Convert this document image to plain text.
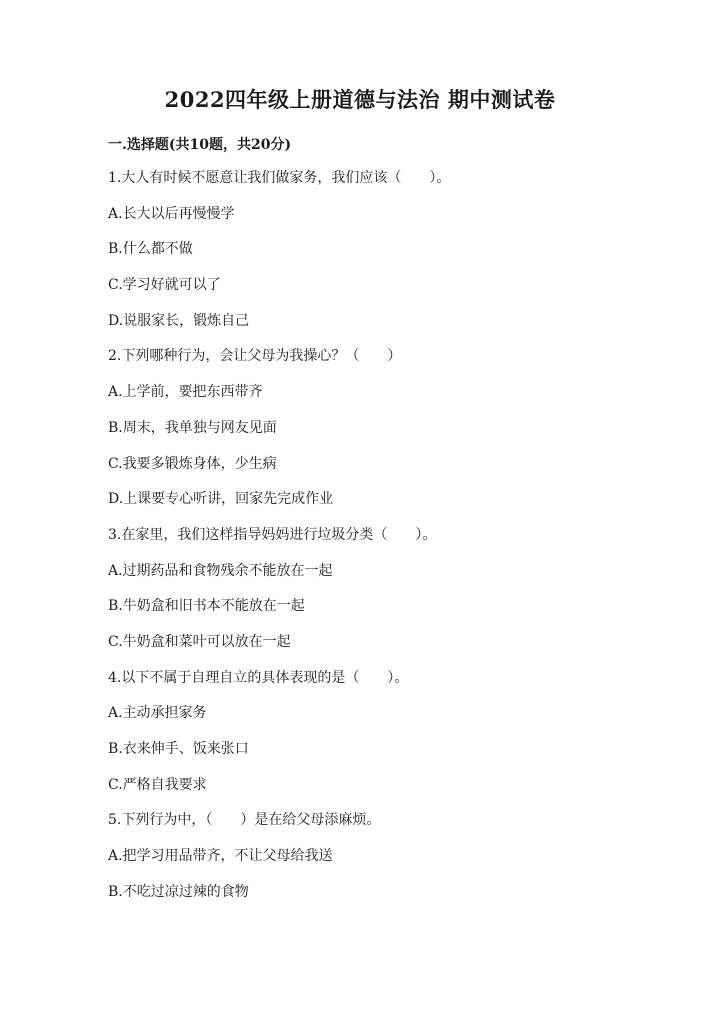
2022四年级上册道德与法治 期中测试卷
一.选择题(共10题，共20分)
1.大人有时候不愿意让我们做家务，我们应该（　　）。
A.长大以后再慢慢学
B.什么都不做
C.学习好就可以了
D.说服家长，锻炼自己
2.下列哪种行为，会让父母为我操心？（　　）
A.上学前，要把东西带齐
B.周末，我单独与网友见面
C.我要多锻炼身体，少生病
D.上课要专心听讲，回家先完成作业
3.在家里，我们这样指导妈妈进行垃圾分类（　　）。
A.过期药品和食物残余不能放在一起
B.牛奶盒和旧书本不能放在一起
C.牛奶盒和菜叶可以放在一起
4.以下不属于自理自立的具体表现的是（　　）。
A.主动承担家务
B.衣来伸手、饭来张口
C.严格自我要求
5.下列行为中，（　　）是在给父母添麻烦。
A.把学习用品带齐，不让父母给我送
B.不吃过凉过辣的食物
